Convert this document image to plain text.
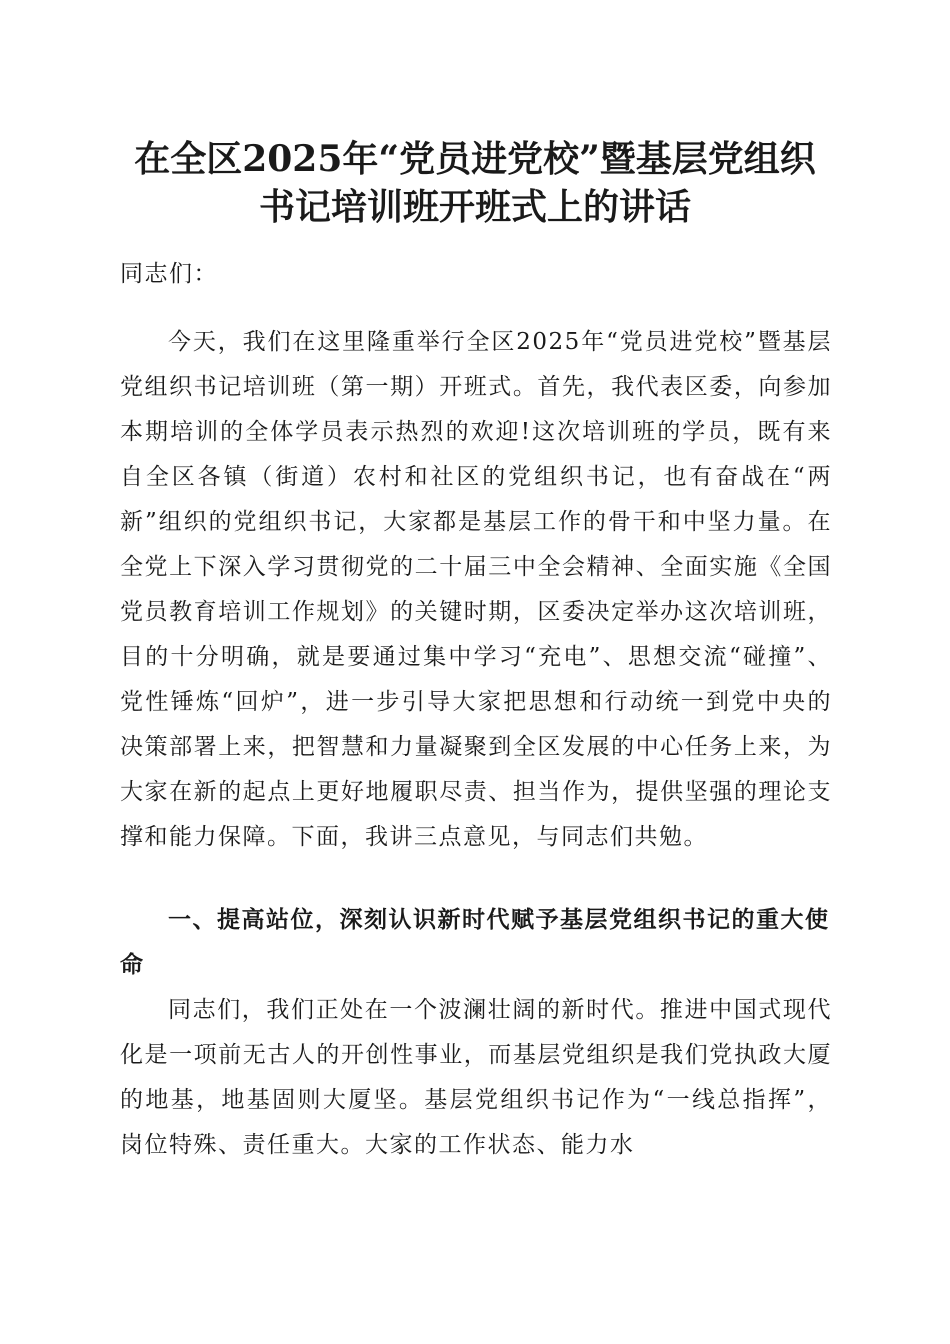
在全区2025年“党员进党校”暨基层党组织
书记培训班开班式上的讲话

同志们：

今天，我们在这里隆重举行全区2025年“党员进党校”暨基层党组织书记培训班（第一期）开班式。首先，我代表区委，向参加本期培训的全体学员表示热烈的欢迎!这次培训班的学员，既有来自全区各镇（街道）农村和社区的党组织书记，也有奋战在“两新”组织的党组织书记，大家都是基层工作的骨干和中坚力量。在全党上下深入学习贯彻党的二十届三中全会精神、全面实施《全国党员教育培训工作规划》的关键时期，区委决定举办这次培训班，目的十分明确，就是要通过集中学习“充电”、思想交流“碰撞”、党性锤炼“回炉”，进一步引导大家把思想和行动统一到党中央的决策部署上来，把智慧和力量凝聚到全区发展的中心任务上来，为大家在新的起点上更好地履职尽责、担当作为，提供坚强的理论支撑和能力保障。下面，我讲三点意见，与同志们共勉。

一、提高站位，深刻认识新时代赋予基层党组织书记的重大使命

同志们，我们正处在一个波澜壮阔的新时代。推进中国式现代化是一项前无古人的开创性事业，而基层党组织是我们党执政大厦的地基，地基固则大厦坚。基层党组织书记作为“一线总指挥”，岗位特殊、责任重大。大家的工作状态、能力水
